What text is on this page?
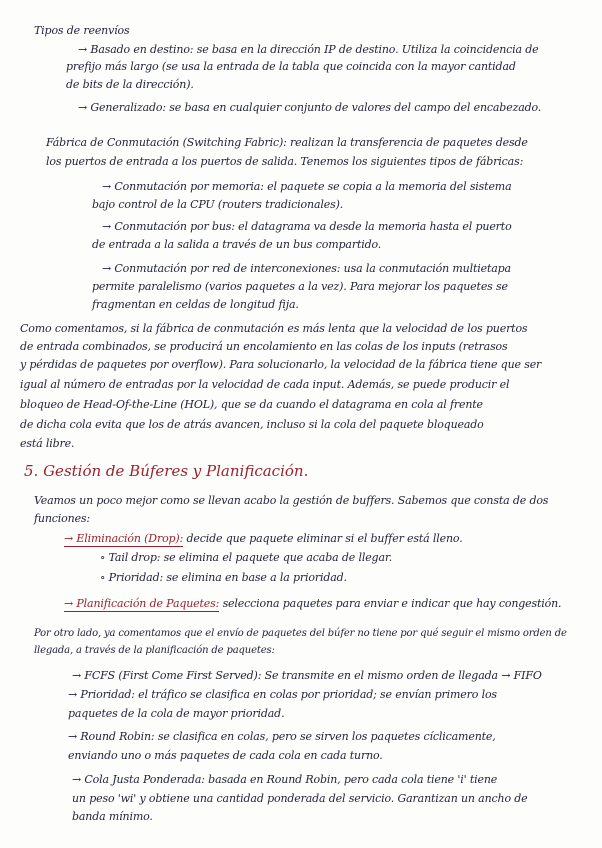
Tipos de reenvíos
→ Basado en destino: se basa en la dirección IP de destino. Utiliza la coincidencia de
prefijo más largo (se usa la entrada de la tabla que coincida con la mayor cantidad
de bits de la dirección).
→ Generalizado: se basa en cualquier conjunto de valores del campo del encabezado.
Fábrica de Conmutación (Switching Fabric): realizan la transferencia de paquetes desde
los puertos de entrada a los puertos de salida. Tenemos los siguientes tipos de fábricas:
→ Conmutación por memoria: el paquete se copia a la memoria del sistema
bajo control de la CPU (routers tradicionales).
→ Conmutación por bus: el datagrama va desde la memoria hasta el puerto
de entrada a la salida a través de un bus compartido.
→ Conmutación por red de interconexiones: usa la conmutación multietapa
permite paralelismo (varios paquetes a la vez). Para mejorar los paquetes se
fragmentan en celdas de longitud fija.
Como comentamos, si la fábrica de conmutación es más lenta que la velocidad de los puertos
de entrada combinados, se producirá un encolamiento en las colas de los inputs (retrasos
y pérdidas de paquetes por overflow). Para solucionarlo, la velocidad de la fábrica tiene que ser
igual al número de entradas por la velocidad de cada input. Además, se puede producir el
bloqueo de Head-Of-the-Line (HOL), que se da cuando el datagrama en cola al frente
de dicha cola evita que los de atrás avancen, incluso si la cola del paquete bloqueado
está libre.
5. Gestión de Búferes y Planificación.
Veamos un poco mejor como se llevan acabo la gestión de buffers. Sabemos que consta de dos
funciones:
→ Eliminación (Drop): decide que paquete eliminar si el buffer está lleno.
∘ Tail drop: se elimina el paquete que acaba de llegar.
∘ Prioridad: se elimina en base a la prioridad.
→ Planificación de Paquetes: selecciona paquetes para enviar e indicar que hay congestión.
Por otro lado, ya comentamos que el envío de paquetes del búfer no tiene por qué seguir el mismo orden de
llegada, a través de la planificación de paquetes:
→ FCFS (First Come First Served): Se transmite en el mismo orden de llegada → FIFO
→ Prioridad: el tráfico se clasifica en colas por prioridad; se envían primero los
paquetes de la cola de mayor prioridad.
→ Round Robin: se clasifica en colas, pero se sirven los paquetes cíclicamente,
enviando uno o más paquetes de cada cola en cada turno.
→ Cola Justa Ponderada: basada en Round Robin, pero cada cola tiene 'i' tiene
un peso 'wi' y obtiene una cantidad ponderada del servicio. Garantizan un ancho de
banda mínimo.
